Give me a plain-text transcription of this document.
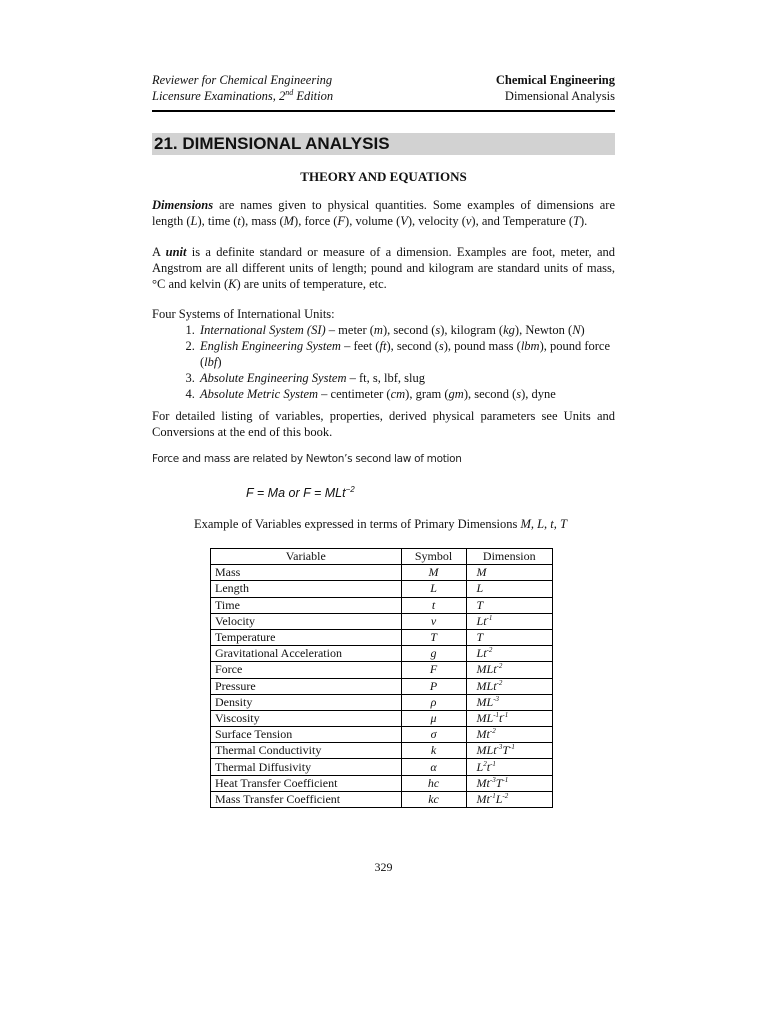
Reviewer for Chemical Engineering
Licensure Examinations, 2nd Edition
Chemical Engineering
Dimensional Analysis
21. DIMENSIONAL ANALYSIS
THEORY AND EQUATIONS
Dimensions are names given to physical quantities. Some examples of dimensions are length (L), time (t), mass (M), force (F), volume (V), velocity (v), and Temperature (T).
A unit is a definite standard or measure of a dimension. Examples are foot, meter, and Angstrom are all different units of length; pound and kilogram are standard units of mass, °C and kelvin (K) are units of temperature, etc.
Four Systems of International Units:
1. International System (SI) – meter (m), second (s), kilogram (kg), Newton (N)
2. English Engineering System – feet (ft), second (s), pound mass (lbm), pound force (lbf)
3. Absolute Engineering System – ft, s, lbf, slug
4. Absolute Metric System – centimeter (cm), gram (gm), second (s), dyne
For detailed listing of variables, properties, derived physical parameters see Units and Conversions at the end of this book.
Force and mass are related by Newton’s second law of motion
F = Ma or F = MLt$^{-2}$
Example of Variables expressed in terms of Primary Dimensions M, L, t, T
Variable	Symbol	Dimension
Mass	M	M
Length	L	L
Time	t	T
Velocity	v	$Lt^{-1}$
Temperature	T	T
Gravitational Acceleration	g	$Lt^{-2}$
Force	F	MLt$^{-2}$
Pressure	P	MLt$^{-2}$
Density	ρ	$ML^{-3}$
Viscosity	μ	$ML^{-1}t^{-1}$
Surface Tension	σ	$Mt^{-2}$
Thermal Conductivity	k	$MLt^{-3}T^{-1}$
Thermal Diffusivity	α	$L^2t^{-1}$
Heat Transfer Coefficient	hc	$Mt^{-3}T^{-1}$
Mass Transfer Coefficient	kc	$Mt^{-1}L^{-2}$
329
